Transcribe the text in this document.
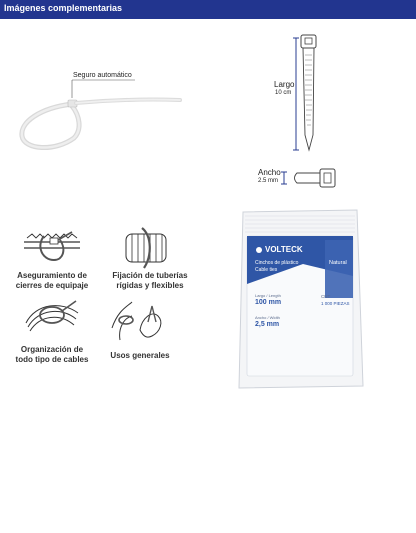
Imágenes complementarias
Seguro automático
Largo
10 cm
Ancho
2.5 mm
Aseguramiento de
cierres de equipaje
Fijación de tuberías
rígidas y flexibles
Organización de
todo tipo de cables	Usos generales
VOLTECK
Cinchos de plástico
Cable ties
Natural
Largo / Length
100 mm
CNT
1 000 PIEZAS
Ancho / Width
2,5 mm
